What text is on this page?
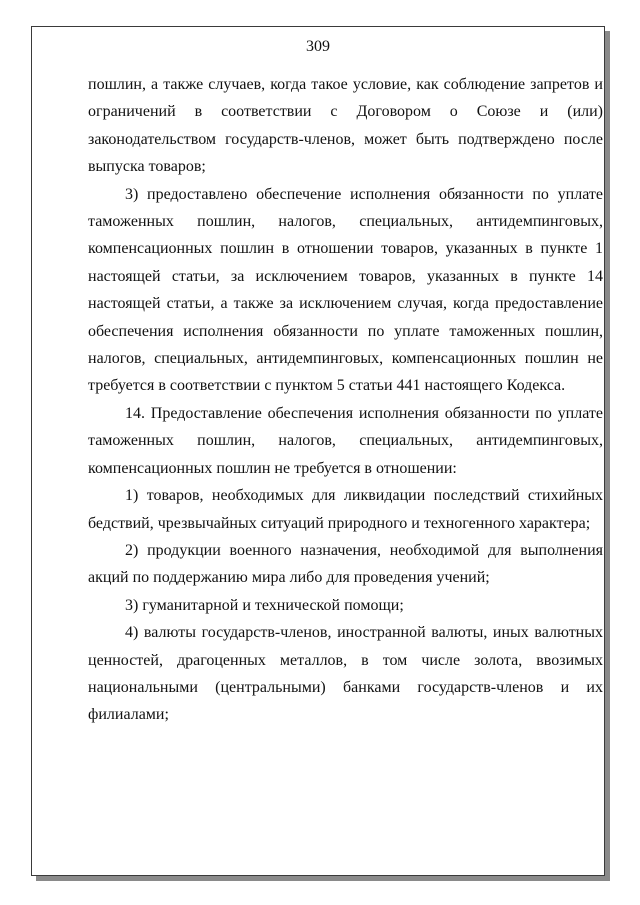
309

пошлин, а также случаев, когда такое условие, как соблюдение запретов и ограничений в соответствии с Договором о Союзе и (или) законодательством государств-членов, может быть подтверждено после выпуска товаров;

3) предоставлено обеспечение исполнения обязанности по уплате таможенных пошлин, налогов, специальных, антидемпинговых, компенсационных пошлин в отношении товаров, указанных в пункте 1 настоящей статьи, за исключением товаров, указанных в пункте 14 настоящей статьи, а также за исключением случая, когда предоставление обеспечения исполнения обязанности по уплате таможенных пошлин, налогов, специальных, антидемпинговых, компенсационных пошлин не требуется в соответствии с пунктом 5 статьи 441 настоящего Кодекса.

14. Предоставление обеспечения исполнения обязанности по уплате таможенных пошлин, налогов, специальных, антидемпинговых, компенсационных пошлин не требуется в отношении:

1) товаров, необходимых для ликвидации последствий стихийных бедствий, чрезвычайных ситуаций природного и техногенного характера;

2) продукции военного назначения, необходимой для выполнения акций по поддержанию мира либо для проведения учений;

3) гуманитарной и технической помощи;

4) валюты государств-членов, иностранной валюты, иных валютных ценностей, драгоценных металлов, в том числе золота, ввозимых национальными (центральными) банками государств-членов и их филиалами;
